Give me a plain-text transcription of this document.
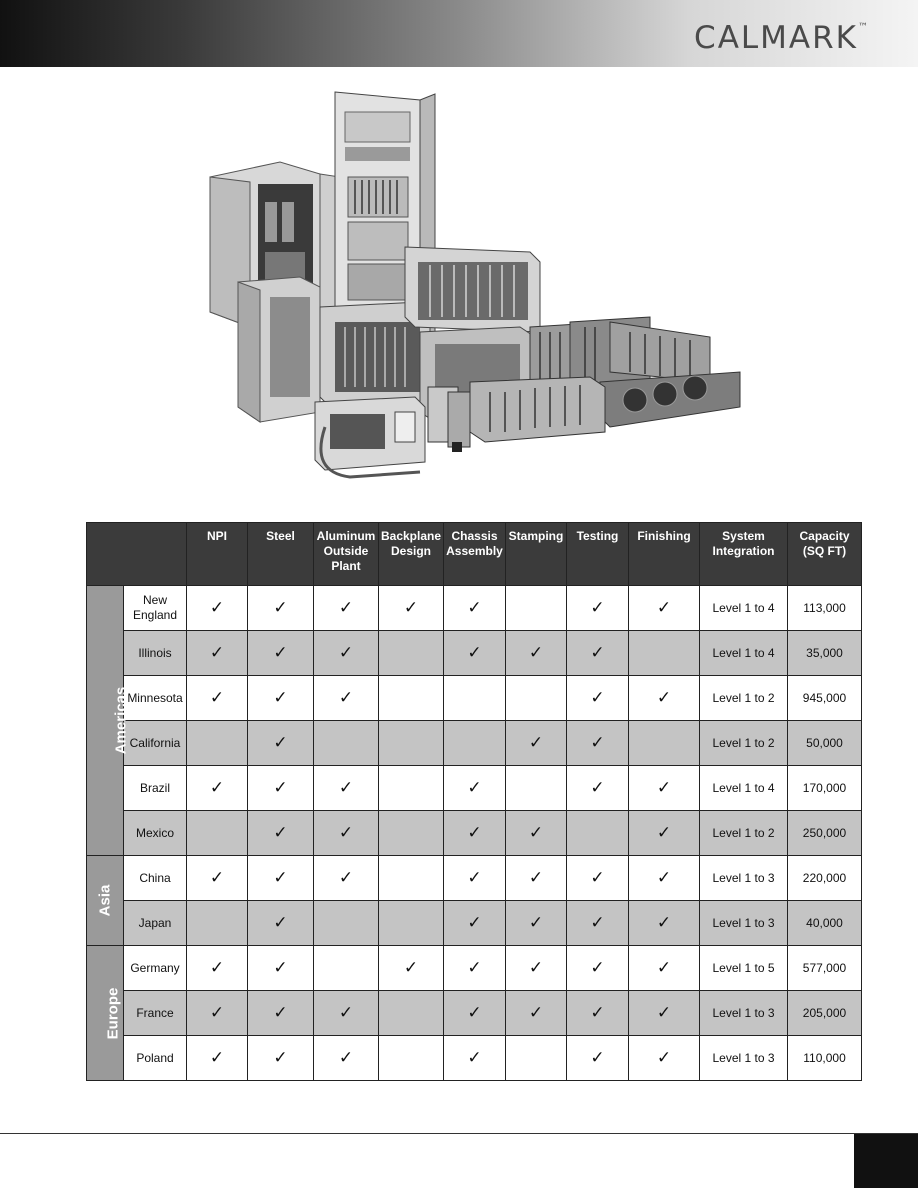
CALMARK™
		NPI	Steel	Aluminum Outside Plant	Backplane Design	Chassis Assembly	Stamping	Testing	Finishing	System Integration	Capacity (SQ FT)
Americas	New England	✓	✓	✓	✓	✓		✓	✓	Level 1 to 4	113,000
	Illinois	✓	✓	✓		✓	✓	✓		Level 1 to 4	35,000
	Minnesota	✓	✓	✓				✓	✓	Level 1 to 2	945,000
	California		✓				✓	✓		Level 1 to 2	50,000
	Brazil	✓	✓	✓		✓		✓	✓	Level 1 to 4	170,000
	Mexico		✓	✓		✓	✓		✓	Level 1 to 2	250,000
Asia	China	✓	✓	✓		✓	✓	✓	✓	Level 1 to 3	220,000
	Japan		✓			✓	✓	✓	✓	Level 1 to 3	40,000
Europe	Germany	✓	✓		✓	✓	✓	✓	✓	Level 1 to 5	577,000
	France	✓	✓	✓		✓	✓	✓	✓	Level 1 to 3	205,000
	Poland	✓	✓	✓		✓		✓	✓	Level 1 to 3	110,000
